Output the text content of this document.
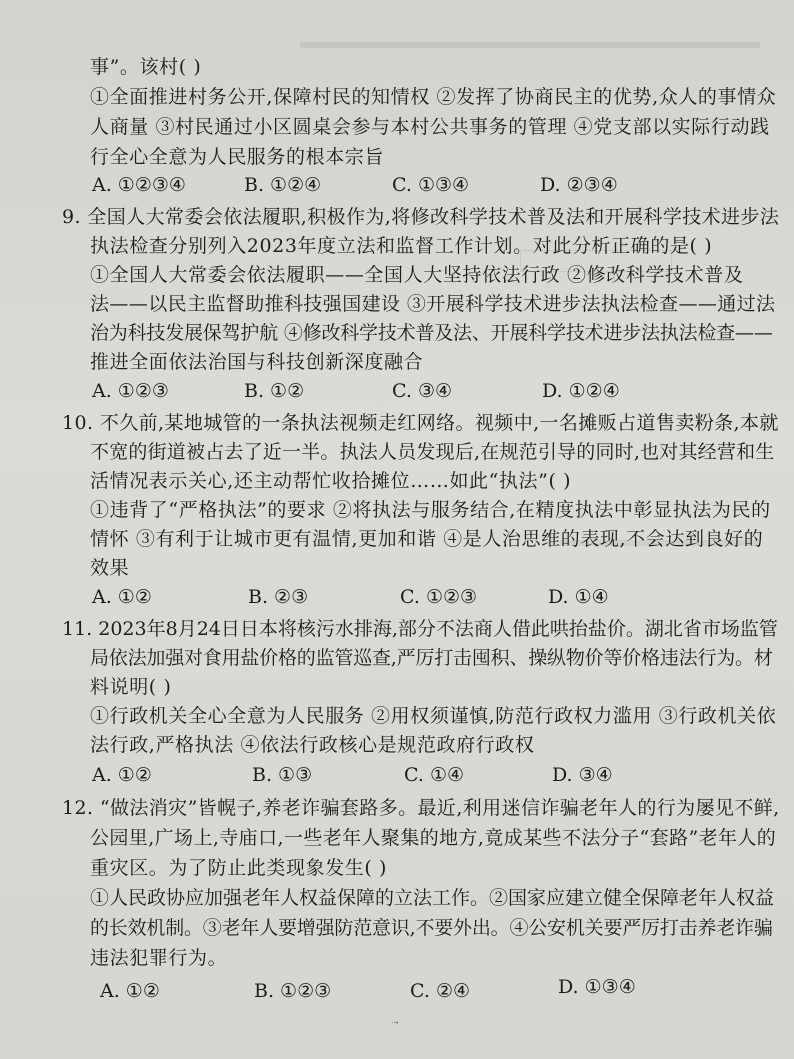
事”。该村( )
①全面推进村务公开,保障村民的知情权 ②发挥了协商民主的优势,众人的事情众
人商量 ③村民通过小区圆桌会参与本村公共事务的管理 ④党支部以实际行动践
行全心全意为人民服务的根本宗旨
A. ①②③④	B. ①②④	C. ①③④	D. ②③④
9. 全国人大常委会依法履职,积极作为,将修改科学技术普及法和开展科学技术进步法
执法检查分别列入2023年度立法和监督工作计划。对此分析正确的是( )
①全国人大常委会依法履职——全国人大坚持依法行政 ②修改科学技术普及
法——以民主监督助推科技强国建设 ③开展科学技术进步法执法检查——通过法
治为科技发展保驾护航 ④修改科学技术普及法、开展科学技术进步法执法检查——
推进全面依法治国与科技创新深度融合
A. ①②③	B. ①②	C. ③④	D. ①②④
10. 不久前,某地城管的一条执法视频走红网络。视频中,一名摊贩占道售卖粉条,本就
不宽的街道被占去了近一半。执法人员发现后,在规范引导的同时,也对其经营和生
活情况表示关心,还主动帮忙收拾摊位……如此“执法”( )
①违背了“严格执法”的要求 ②将执法与服务结合,在精度执法中彰显执法为民的
情怀 ③有利于让城市更有温情,更加和谐 ④是人治思维的表现,不会达到良好的
效果
A. ①②	B. ②③	C. ①②③	D. ①④
11. 2023年8月24日日本将核污水排海,部分不法商人借此哄抬盐价。湖北省市场监管
局依法加强对食用盐价格的监管巡查,严厉打击囤积、操纵物价等价格违法行为。材
料说明( )
①行政机关全心全意为人民服务 ②用权须谨慎,防范行政权力滥用 ③行政机关依
法行政,严格执法 ④依法行政核心是规范政府行政权
A. ①②	B. ①③	C. ①④	D. ③④
12. “做法消灾”皆幌子,养老诈骗套路多。最近,利用迷信诈骗老年人的行为屡见不鲜,
公园里,广场上,寺庙口,一些老年人聚集的地方,竟成某些不法分子“套路”老年人的
重灾区。为了防止此类现象发生( )
①人民政协应加强老年人权益保障的立法工作。②国家应建立健全保障老年人权益
的长效机制。③老年人要增强防范意识,不要外出。④公安机关要严厉打击养老诈骗
违法犯罪行为。
A. ①②	B. ①②③	C. ②④	D. ①③④
